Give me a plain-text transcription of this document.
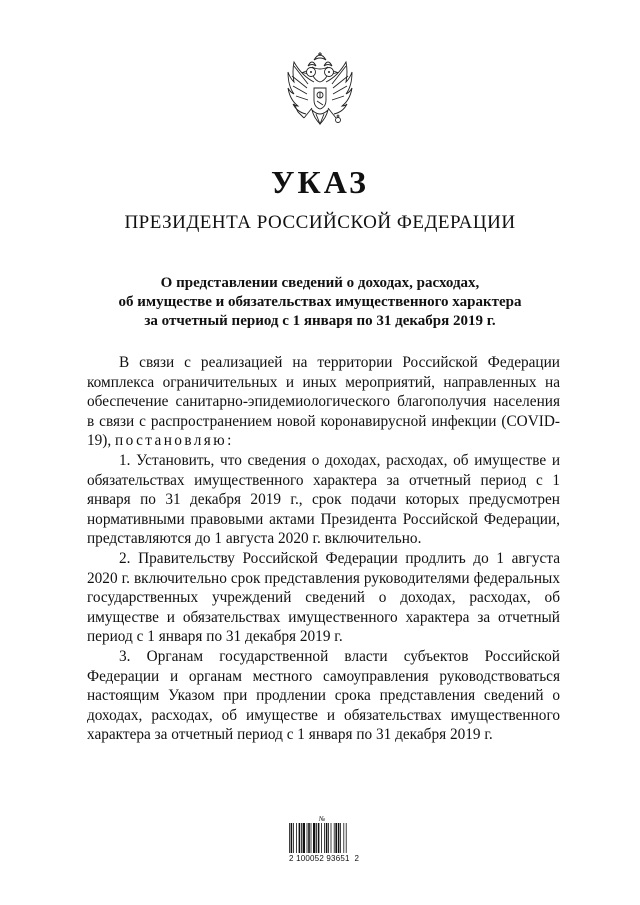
УКАЗ
ПРЕЗИДЕНТА РОССИЙСКОЙ ФЕДЕРАЦИИ
О представлении сведений о доходах, расходах,
об имуществе и обязательствах имущественного характера
за отчетный период с 1 января по 31 декабря 2019 г.

В связи с реализацией на территории Российской Федерации комплекса ограничительных и иных мероприятий, направленных на обеспечение санитарно-эпидемиологического благополучия населения в связи с распространением новой коронавирусной инфекции (COVID-19), постановляю:

1. Установить, что сведения о доходах, расходах, об имуществе и обязательствах имущественного характера за отчетный период с 1 января по 31 декабря 2019 г., срок подачи которых предусмотрен нормативными правовыми актами Президента Российской Федерации, представляются до 1 августа 2020 г. включительно.

2. Правительству Российской Федерации продлить до 1 августа 2020 г. включительно срок представления руководителями федеральных государственных учреждений сведений о доходах, расходах, об имуществе и обязательствах имущественного характера за отчетный период с 1 января по 31 декабря 2019 г.

3. Органам государственной власти субъектов Российской Федерации и органам местного самоуправления руководствоваться настоящим Указом при продлении срока представления сведений о доходах, расходах, об имуществе и обязательствах имущественного характера за отчетный период с 1 января по 31 декабря 2019 г.

№
2 100052 93651  2
